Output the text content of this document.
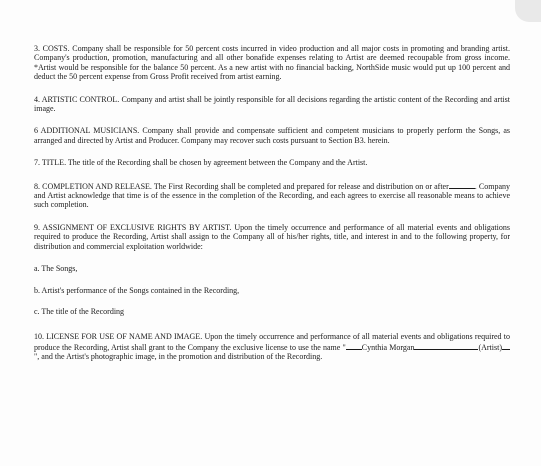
3. COSTS. Company shall be responsible for 50 percent costs incurred in video production and all major costs in promoting and branding artist. Company's production, promotion, manufacturing and all other bonafide expenses relating to Artist are deemed recoupable from gross income. *Artist would be responsible for the balance 50 percent. As a new artist with no financial backing, NorthSide music would put up 100 percent and deduct the 50 percent expense from Gross Profit received from artist earning.

4. ARTISTIC CONTROL. Company and artist shall be jointly responsible for all decisions regarding the artistic content of the Recording and artist image.

6 ADDITIONAL MUSICIANS. Company shall provide and compensate sufficient and competent musicians to properly perform the Songs, as arranged and directed by Artist and Producer. Company may recover such costs pursuant to Section B3. herein.

7. TITLE. The title of the Recording shall be chosen by agreement between the Company and the Artist.

8. COMPLETION AND RELEASE. The First Recording shall be completed and prepared for release and distribution on or after	. Company and Artist acknowledge that time is of the essence in the completion of the Recording, and each agrees to exercise all reasonable means to achieve such completion.

9. ASSIGNMENT OF EXCLUSIVE RIGHTS BY ARTIST. Upon the timely occurrence and performance of all material events and obligations required to produce the Recording, Artist shall assign to the Company all of his/her rights, title, and interest in and to the following property, for distribution and commercial exploitation worldwide:

a. The Songs,

b. Artist's performance of the Songs contained in the Recording,

c. The title of the Recording

10. LICENSE FOR USE OF NAME AND IMAGE. Upon the timely occurrence and performance of all material events and obligations required to produce the Recording, Artist shall grant to the Company the exclusive license to use the name " Cynthia Morgan	(Artist)", and the Artist's photographic image, in the promotion and distribution of the Recording.
